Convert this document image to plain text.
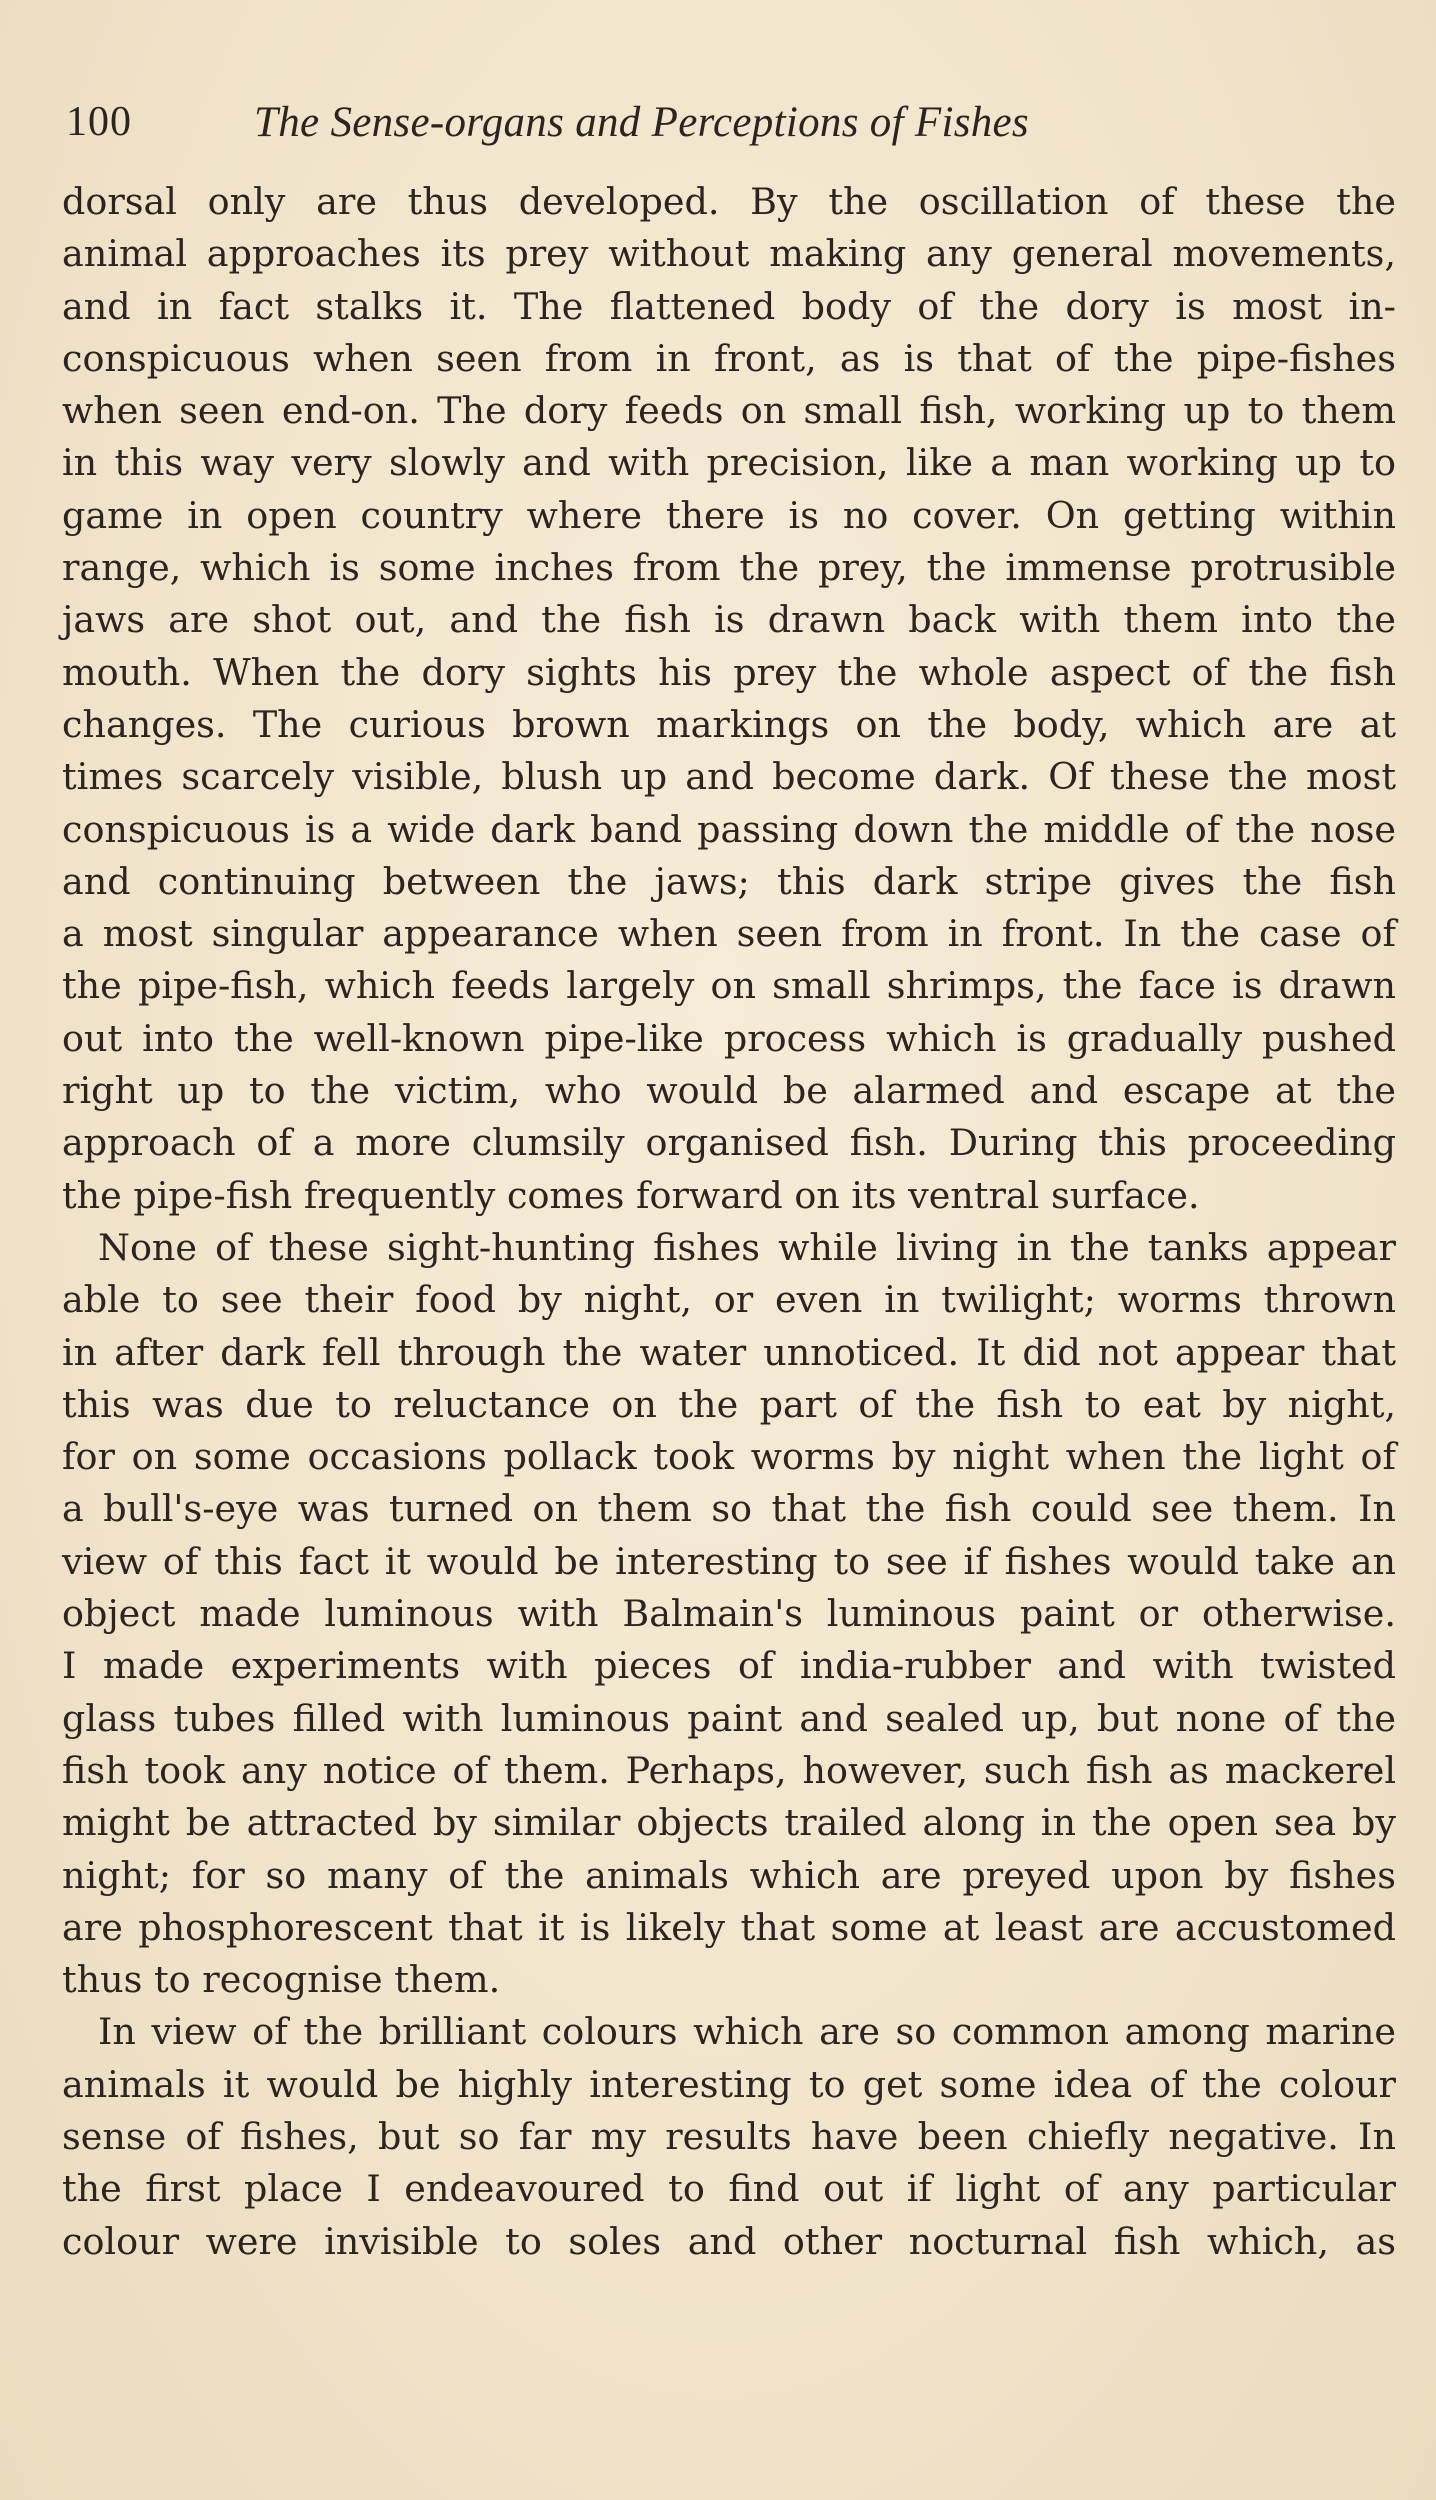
100	The Sense-organs and Perceptions of Fishes
dorsal only are thus developed. By the oscillation of these the
animal approaches its prey without making any general movements,
and in fact stalks it. The flattened body of the dory is most in-
conspicuous when seen from in front, as is that of the pipe-fishes
when seen end-on. The dory feeds on small fish, working up to them
in this way very slowly and with precision, like a man working up to
game in open country where there is no cover. On getting within
range, which is some inches from the prey, the immense protrusible
jaws are shot out, and the fish is drawn back with them into the
mouth. When the dory sights his prey the whole aspect of the fish
changes. The curious brown markings on the body, which are at
times scarcely visible, blush up and become dark. Of these the most
conspicuous is a wide dark band passing down the middle of the nose
and continuing between the jaws; this dark stripe gives the fish
a most singular appearance when seen from in front. In the case of
the pipe-fish, which feeds largely on small shrimps, the face is drawn
out into the well-known pipe-like process which is gradually pushed
right up to the victim, who would be alarmed and escape at the
approach of a more clumsily organised fish. During this proceeding
the pipe-fish frequently comes forward on its ventral surface.
None of these sight-hunting fishes while living in the tanks appear
able to see their food by night, or even in twilight; worms thrown
in after dark fell through the water unnoticed. It did not appear that
this was due to reluctance on the part of the fish to eat by night,
for on some occasions pollack took worms by night when the light of
a bull's-eye was turned on them so that the fish could see them. In
view of this fact it would be interesting to see if fishes would take an
object made luminous with Balmain's luminous paint or otherwise.
I made experiments with pieces of india-rubber and with twisted
glass tubes filled with luminous paint and sealed up, but none of the
fish took any notice of them. Perhaps, however, such fish as mackerel
might be attracted by similar objects trailed along in the open sea by
night; for so many of the animals which are preyed upon by fishes
are phosphorescent that it is likely that some at least are accustomed
thus to recognise them.
In view of the brilliant colours which are so common among marine
animals it would be highly interesting to get some idea of the colour
sense of fishes, but so far my results have been chiefly negative. In
the first place I endeavoured to find out if light of any particular
colour were invisible to soles and other nocturnal fish which, as
